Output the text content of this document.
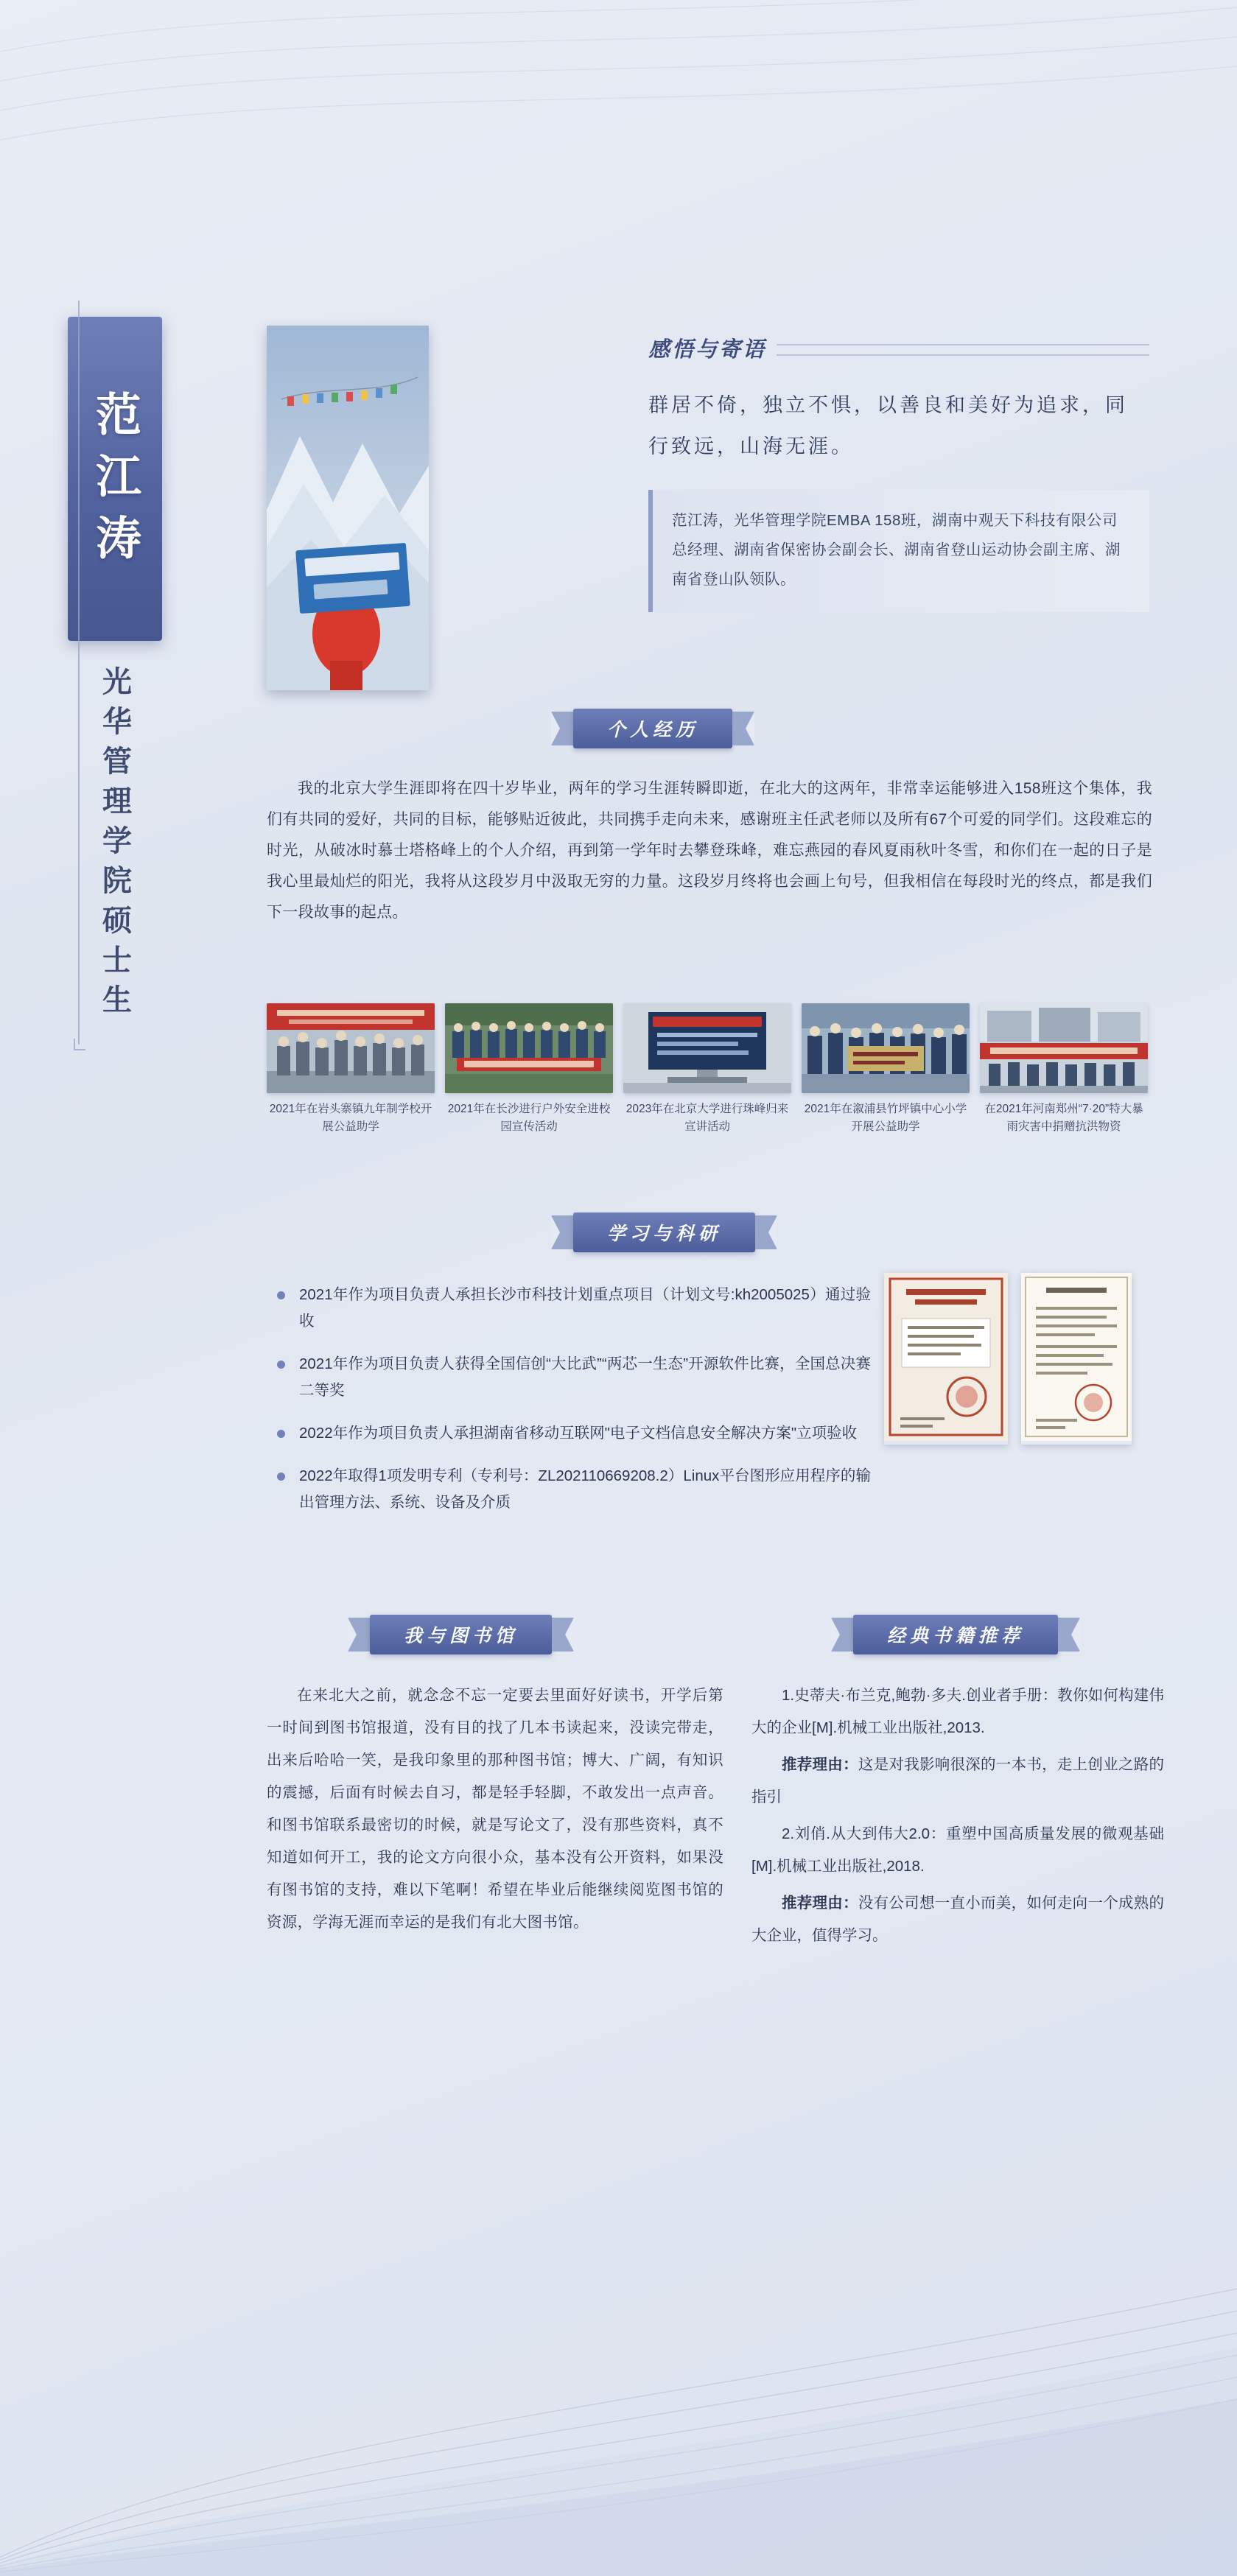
范江涛
光华管理学院硕士生
感悟与寄语
群居不倚，独立不惧，以善良和美好为追求，同行致远，山海无涯。
范江涛，光华管理学院EMBA 158班，湖南中观天下科技有限公司总经理、湖南省保密协会副会长、湖南省登山运动协会副主席、湖南省登山队领队。
个人经历
我的北京大学生涯即将在四十岁毕业，两年的学习生涯转瞬即逝，在北大的这两年，非常幸运能够进入158班这个集体，我们有共同的爱好，共同的目标，能够贴近彼此，共同携手走向未来，感谢班主任武老师以及所有67个可爱的同学们。这段难忘的时光，从破冰时慕士塔格峰上的个人介绍，再到第一学年时去攀登珠峰，难忘燕园的春风夏雨秋叶冬雪，和你们在一起的日子是我心里最灿烂的阳光，我将从这段岁月中汲取无穷的力量。这段岁月终将也会画上句号，但我相信在每段时光的终点，都是我们下一段故事的起点。
2021年在岩头寨镇九年制学校开展公益助学
2021年在长沙进行户外安全进校园宣传活动
2023年在北京大学进行珠峰归来宣讲活动
2021年在溆浦县竹坪镇中心小学开展公益助学
在2021年河南郑州“7·20”特大暴雨灾害中捐赠抗洪物资
学习与科研
2021年作为项目负责人承担长沙市科技计划重点项目（计划文号:kh2005025）通过验收
2021年作为项目负责人获得全国信创“大比武”“两芯一生态”开源软件比赛，全国总决赛二等奖
2022年作为项目负责人承担湖南省移动互联网"电子文档信息安全解决方案"立项验收
2022年取得1项发明专利（专利号：ZL202110669208.2）Linux平台图形应用程序的输出管理方法、系统、设备及介质
我与图书馆	经典书籍推荐
在来北大之前，就念念不忘一定要去里面好好读书，开学后第一时间到图书馆报道，没有目的找了几本书读起来，没读完带走，出来后哈哈一笑，是我印象里的那种图书馆；博大、广阔，有知识的震撼，后面有时候去自习，都是轻手轻脚，不敢发出一点声音。和图书馆联系最密切的时候，就是写论文了，没有那些资料，真不知道如何开工，我的论文方向很小众，基本没有公开资料，如果没有图书馆的支持，难以下笔啊！希望在毕业后能继续阅览图书馆的资源，学海无涯而幸运的是我们有北大图书馆。

1.史蒂夫·布兰克,鲍勃·多夫.创业者手册：教你如何构建伟大的企业[M].机械工业出版社,2013.

推荐理由：这是对我影响很深的一本书，走上创业之路的指引

2.刘俏.从大到伟大2.0：重塑中国高质量发展的微观基础[M].机械工业出版社,2018.

推荐理由：没有公司想一直小而美，如何走向一个成熟的大企业，值得学习。
